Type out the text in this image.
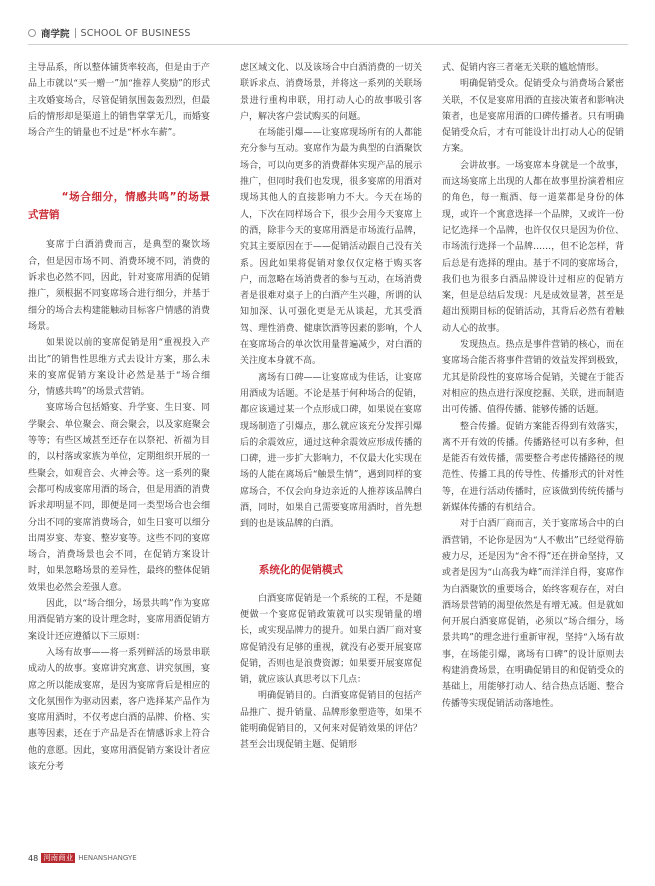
商学院 SCHOOL OF BUSINESS

主导品系，所以整体铺货率较高，但是由于产品上市就以“买一赠一”加“推荐人奖励”的形式主攻婚宴场合，尽管促销氛围轰轰烈烈，但最后的情形却是渠道上的销售掌掌无几，而婚宴场合产生的销量也不过是“杯水车薪”。

“场合细分，情感共鸣”的场景式营销

宴席于白酒消费而言，是典型的聚饮场合，但是因市场不同、消费环境不同，消费的诉求也必然不同，因此，针对宴席用酒的促销推广，须根据不同宴席场合进行细分，并基于细分的场合去构建能触动目标客户情感的消费场景。

如果说以前的宴席促销是用“重视投入产出比”的销售性思维方式去设计方案，那么未来的宴席促销方案设计必然是基于“场合细分，情感共鸣”的场景式营销。

宴席场合包括婚宴、升学宴、生日宴、同学聚会、单位聚会、商会聚会，以及家庭聚会等等；有些区域甚至还存在以祭祀、祈福为目的，以村落或家族为单位，定期组织开展的一些聚会，如观音会、火神会等。这一系列的聚会都可构成宴席用酒的场合，但是用酒的消费诉求却明显不同，即便是同一类型场合也会细分出不同的宴席消费场合，如生日宴可以细分出周岁宴、寿宴、整岁宴等。这些不同的宴席场合，消费场景也会不同，在促销方案设计时，如果忽略场景的差异性，最终的整体促销效果也必然会差强人意。

因此，以“场合细分，场景共鸣”作为宴席用酒促销方案的设计理念时，宴席用酒促销方案设计还应遵循以下三原则：

入场有故事——将一系列鲜活的场景串联成动人的故事。宴席讲究寓意、讲究氛围，宴席之所以能成宴席，是因为宴席背后是相应的文化氛围作为驱动因素，客户选择某产品作为宴席用酒时，不仅考虑白酒的品牌、价格、实惠等因素，还在于产品是否在情感诉求上符合他的意愿。因此，宴席用酒促销方案设计者应该充分考

虑区域文化、以及该场合中白酒消费的一切关联诉求点、消费场景，并将这一系列的关联场景进行重构串联，用打动人心的故事吸引客户，解决客户尝试购买的问题。

在场能引爆——让宴席现场所有的人都能充分参与互动。宴席作为最为典型的白酒聚饮场合，可以向更多的消费群体实现产品的展示推广，但同时我们也发现，很多宴席的用酒对现场其他人的直接影响力不大。今天在场的人，下次在同样场合下，很少会用今天宴席上的酒，除非今天的宴席用酒是市场流行品牌，究其主要原因在于——促销活动跟自己没有关系。因此如果将促销对象仅仅定格于购买客户，而忽略在场消费者的参与互动，在场消费者是很难对桌子上的白酒产生兴趣，所谓的认知加深、认可强化更是无从谈起，尤其受酒驾、理性消费、健康饮酒等因素的影响，个人在宴席场合的单次饮用量普遍减少，对白酒的关注度本身就不高。

离场有口碑——让宴席成为佳话，让宴席用酒成为话题。不论是基于何种场合的促销，都应该通过某一个点形成口碑，如果说在宴席现场制造了引爆点，那么就应该充分发挥引爆后的余震效应，通过这种余震效应形成传播的口碑，进一步扩大影响力，不仅最大化实现在场的人能在离场后“触景生情”，遇到同样的宴席场合，不仅会向身边亲近的人推荐该品牌白酒，同时，如果自己需要宴席用酒时，首先想到的也是该品牌的白酒。

系统化的促销模式

白酒宴席促销是一个系统的工程，不是随便做一个宴席促销政策就可以实现销量的增长，或实现品牌力的提升。如果白酒厂商对宴席促销没有足够的重视，就没有必要开展宴席促销，否则也是浪费资源；如果要开展宴席促销，就应该认真思考以下几点：

明确促销目的。白酒宴席促销目的包括产品推广、提升销量、品牌形象塑造等，如果不能明确促销目的，又何来对促销效果的评估？甚至会出现促销主题、促销形

式、促销内容三者毫无关联的尴尬情形。

明确促销受众。促销受众与消费场合紧密关联，不仅是宴席用酒的直接决策者和影响决策者，也是宴席用酒的口碑传播者。只有明确促销受众后，才有可能设计出打动人心的促销方案。

会讲故事。一场宴席本身就是一个故事，而这场宴席上出现的人都在故事里扮演着相应的角色，每一瓶酒、每一道菜都是身份的体现，或许一个寓意选择一个品牌，又或许一份记忆选择一个品牌，也许仅仅只是因为价位、市场流行选择一个品牌……，但不论怎样，背后总是有选择的理由。基于不同的宴席场合，我们也为很多白酒品牌设计过相应的促销方案，但是总结后发现：凡是成效显著，甚至是超出预期目标的促销活动，其背后必然有着触动人心的故事。

发现热点。热点是事件营销的核心，而在宴席场合能否将事件营销的效益发挥到极致，尤其是阶段性的宴席场合促销，关键在于能否对相应的热点进行深度挖掘、关联，进而制造出可传播、值得传播、能够传播的话题。

整合传播。促销方案能否得到有效落实，离不开有效的传播。传播路径可以有多种，但是能否有效传播，需要整合考虑传播路径的规范性、传播工具的传导性、传播形式的针对性等，在进行活动传播时，应该做到传统传播与新媒体传播的有机结合。

对于白酒厂商而言，关于宴席场合中的白酒营销，不论你是因为“人不敷出”已经觉得筋疲力尽，还是因为“舍不得”还在拼命坚持，又或者是因为“山高我为峰”而洋洋自得，宴席作为白酒聚饮的重要场合，始终客观存在，对白酒场景营销的渴望依然是有增无减。但是就如何开展白酒宴席促销，必须以“场合细分，场景共鸣”的理念进行重新审视，坚持“入场有故事，在场能引爆，离场有口碑”的设计原则去构建消费场景，在明确促销目的和促销受众的基础上，用能够打动人、结合热点话题、整合传播等实现促销活动落地性。

48 河南商业 HENANSHANGYE
